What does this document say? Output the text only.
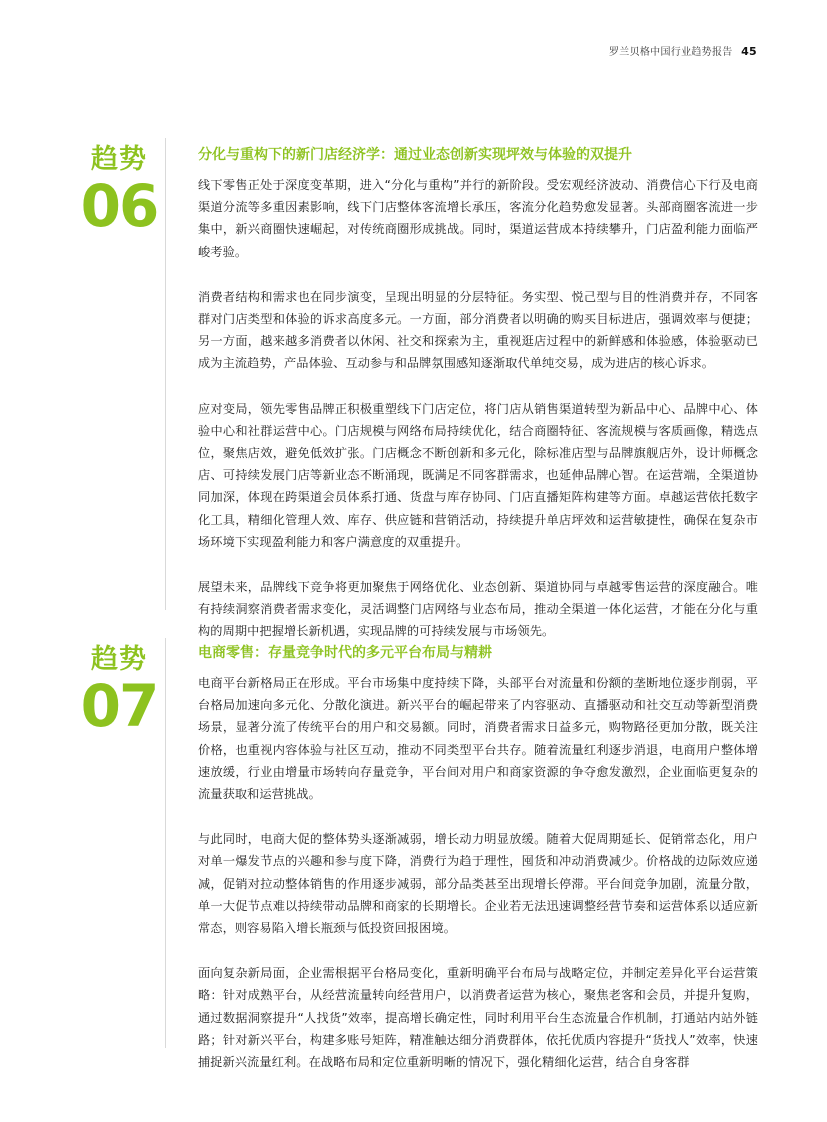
罗兰贝格中国行业趋势报告 45
趋势
06
分化与重构下的新门店经济学：通过业态创新实现坪效与体验的双提升

线下零售正处于深度变革期，进入“分化与重构”并行的新阶段。受宏观经济波动、消费信心下行及电商渠道分流等多重因素影响，线下门店整体客流增长承压，客流分化趋势愈发显著。头部商圈客流进一步集中，新兴商圈快速崛起，对传统商圈形成挑战。同时，渠道运营成本持续攀升，门店盈利能力面临严峻考验。

消费者结构和需求也在同步演变，呈现出明显的分层特征。务实型、悦己型与目的性消费并存，不同客群对门店类型和体验的诉求高度多元。一方面，部分消费者以明确的购买目标进店，强调效率与便捷；另一方面，越来越多消费者以休闲、社交和探索为主，重视逛店过程中的新鲜感和体验感，体验驱动已成为主流趋势，产品体验、互动参与和品牌氛围感知逐渐取代单纯交易，成为进店的核心诉求。

应对变局，领先零售品牌正积极重塑线下门店定位，将门店从销售渠道转型为新品中心、品牌中心、体验中心和社群运营中心。门店规模与网络布局持续优化，结合商圈特征、客流规模与客质画像，精选点位，聚焦店效，避免低效扩张。门店概念不断创新和多元化，除标准店型与品牌旗舰店外，设计师概念店、可持续发展门店等新业态不断涌现，既满足不同客群需求，也延伸品牌心智。在运营端，全渠道协同加深，体现在跨渠道会员体系打通、货盘与库存协同、门店直播矩阵构建等方面。卓越运营依托数字化工具，精细化管理人效、库存、供应链和营销活动，持续提升单店坪效和运营敏捷性，确保在复杂市场环境下实现盈利能力和客户满意度的双重提升。

展望未来，品牌线下竞争将更加聚焦于网络优化、业态创新、渠道协同与卓越零售运营的深度融合。唯有持续洞察消费者需求变化，灵活调整门店网络与业态布局，推动全渠道一体化运营，才能在分化与重构的周期中把握增长新机遇，实现品牌的可持续发展与市场领先。

趋势
07
电商零售：存量竞争时代的多元平台布局与精耕

电商平台新格局正在形成。平台市场集中度持续下降，头部平台对流量和份额的垄断地位逐步削弱，平台格局加速向多元化、分散化演进。新兴平台的崛起带来了内容驱动、直播驱动和社交互动等新型消费场景，显著分流了传统平台的用户和交易额。同时，消费者需求日益多元，购物路径更加分散，既关注价格，也重视内容体验与社区互动，推动不同类型平台共存。随着流量红利逐步消退，电商用户整体增速放缓，行业由增量市场转向存量竞争，平台间对用户和商家资源的争夺愈发激烈，企业面临更复杂的流量获取和运营挑战。

与此同时，电商大促的整体势头逐渐减弱，增长动力明显放缓。随着大促周期延长、促销常态化，用户对单一爆发节点的兴趣和参与度下降，消费行为趋于理性，囤货和冲动消费减少。价格战的边际效应递减，促销对拉动整体销售的作用逐步减弱，部分品类甚至出现增长停滞。平台间竞争加剧，流量分散，单一大促节点难以持续带动品牌和商家的长期增长。企业若无法迅速调整经营节奏和运营体系以适应新常态，则容易陷入增长瓶颈与低投资回报困境。

面向复杂新局面，企业需根据平台格局变化，重新明确平台布局与战略定位，并制定差异化平台运营策略：针对成熟平台，从经营流量转向经营用户，以消费者运营为核心，聚焦老客和会员，并提升复购，通过数据洞察提升“人找货”效率，提高增长确定性，同时利用平台生态流量合作机制，打通站内站外链路；针对新兴平台，构建多账号矩阵，精准触达细分消费群体，依托优质内容提升“货找人”效率，快速捕捉新兴流量红利。在战略布局和定位重新明晰的情况下，强化精细化运营，结合自身客群
